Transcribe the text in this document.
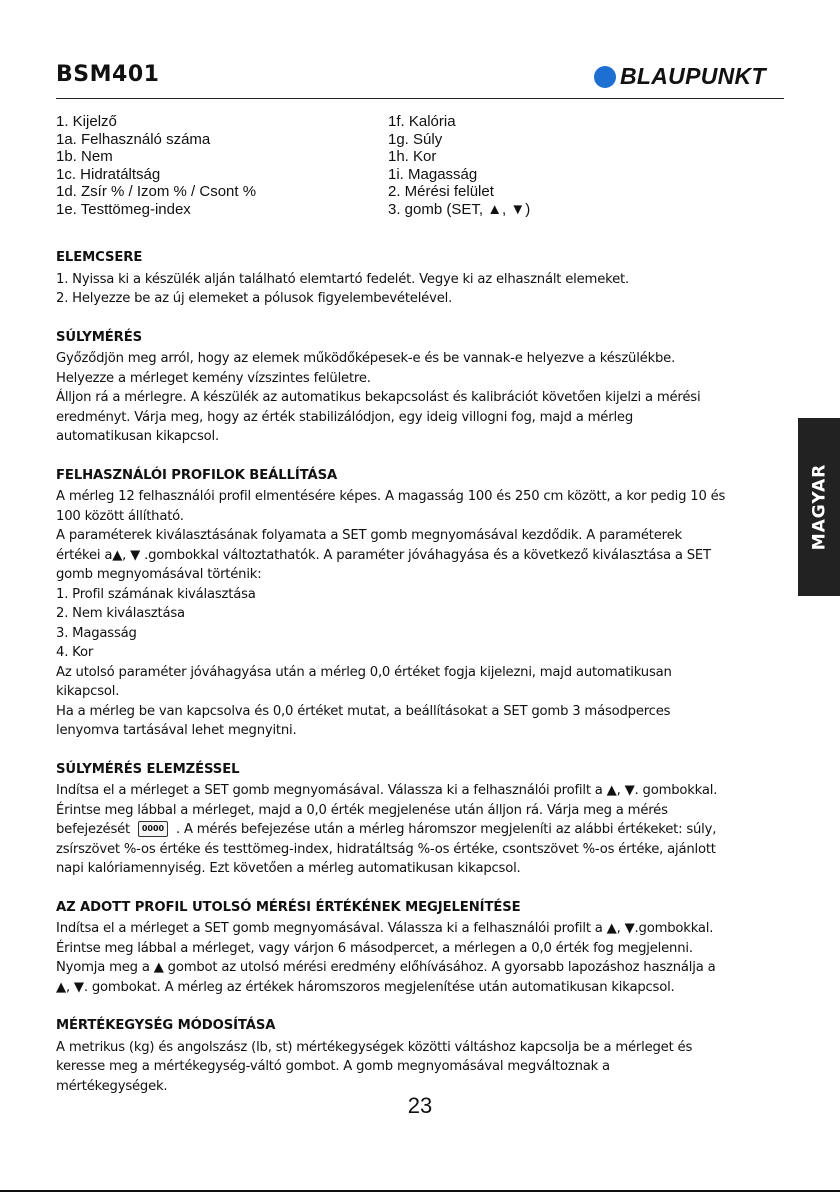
BSM401	BLAUPUNKT
1. Kijelző
1a. Felhasználó száma
1b. Nem
1c. Hidratáltság
1d. Zsír % / Izom % / Csont %
1e. Testtömeg-index
1f. Kalória
1g. Súly
1h. Kor
1i. Magasság
2. Mérési felület
3. gomb (SET, ▲, ▼)
ELEMCSERE
1. Nyissa ki a készülék alján található elemtartó fedelét. Vegye ki az elhasznált elemeket.
2. Helyezze be az új elemeket a pólusok figyelembevételével.
SÚLYMÉRÉS
Győződjön meg arról, hogy az elemek működőképesek-e és be vannak-e helyezve a készülékbe.
Helyezze a mérleget kemény vízszintes felületre.
Álljon rá a mérlegre. A készülék az automatikus bekapcsolást és kalibrációt követően kijelzi a mérési
eredményt. Várja meg, hogy az érték stabilizálódjon, egy ideig villogni fog, majd a mérleg
automatikusan kikapcsol.
FELHASZNÁLÓI PROFILOK BEÁLLÍTÁSA
A mérleg 12 felhasználói profil elmentésére képes. A magasság 100 és 250 cm között, a kor pedig 10 és
100 között állítható.
A paraméterek kiválasztásának folyamata a SET gomb megnyomásával kezdődik. A paraméterek
értékei a▲, ▼ .gombokkal változtathatók. A paraméter jóváhagyása és a következő kiválasztása a SET
gomb megnyomásával történik:
1. Profil számának kiválasztása
2. Nem kiválasztása
3. Magasság
4. Kor
Az utolsó paraméter jóváhagyása után a mérleg 0,0 értéket fogja kijelezni, majd automatikusan
kikapcsol.
Ha a mérleg be van kapcsolva és 0,0 értéket mutat, a beállításokat a SET gomb 3 másodperces
lenyomva tartásával lehet megnyitni.
SÚLYMÉRÉS ELEMZÉSSEL
Indítsa el a mérleget a SET gomb megnyomásával. Válassza ki a felhasználói profilt a ▲, ▼. gombokkal.
Érintse meg lábbal a mérleget, majd a 0,0 érték megjelenése után álljon rá. Várja meg a mérés
befejezését 0000 . A mérés befejezése után a mérleg háromszor megjeleníti az alábbi értékeket: súly,
zsírszövet %-os értéke és testtömeg-index, hidratáltság %-os értéke, csontszövet %-os értéke, ajánlott
napi kalóriamennyiség. Ezt követően a mérleg automatikusan kikapcsol.
AZ ADOTT PROFIL UTOLSÓ MÉRÉSI ÉRTÉKÉNEK MEGJELENÍTÉSE
Indítsa el a mérleget a SET gomb megnyomásával. Válassza ki a felhasználói profilt a ▲, ▼.gombokkal.
Érintse meg lábbal a mérleget, vagy várjon 6 másodpercet, a mérlegen a 0,0 érték fog megjelenni.
Nyomja meg a ▲ gombot az utolsó mérési eredmény előhívásához. A gyorsabb lapozáshoz használja a
▲, ▼. gombokat. A mérleg az értékek háromszoros megjelenítése után automatikusan kikapcsol.
MÉRTÉKEGYSÉG MÓDOSÍTÁSA
A metrikus (kg) és angolszász (lb, st) mértékegységek közötti váltáshoz kapcsolja be a mérleget és
keresse meg a mértékegység-váltó gombot. A gomb megnyomásával megváltoznak a
mértékegységek.
MAGYAR
23
